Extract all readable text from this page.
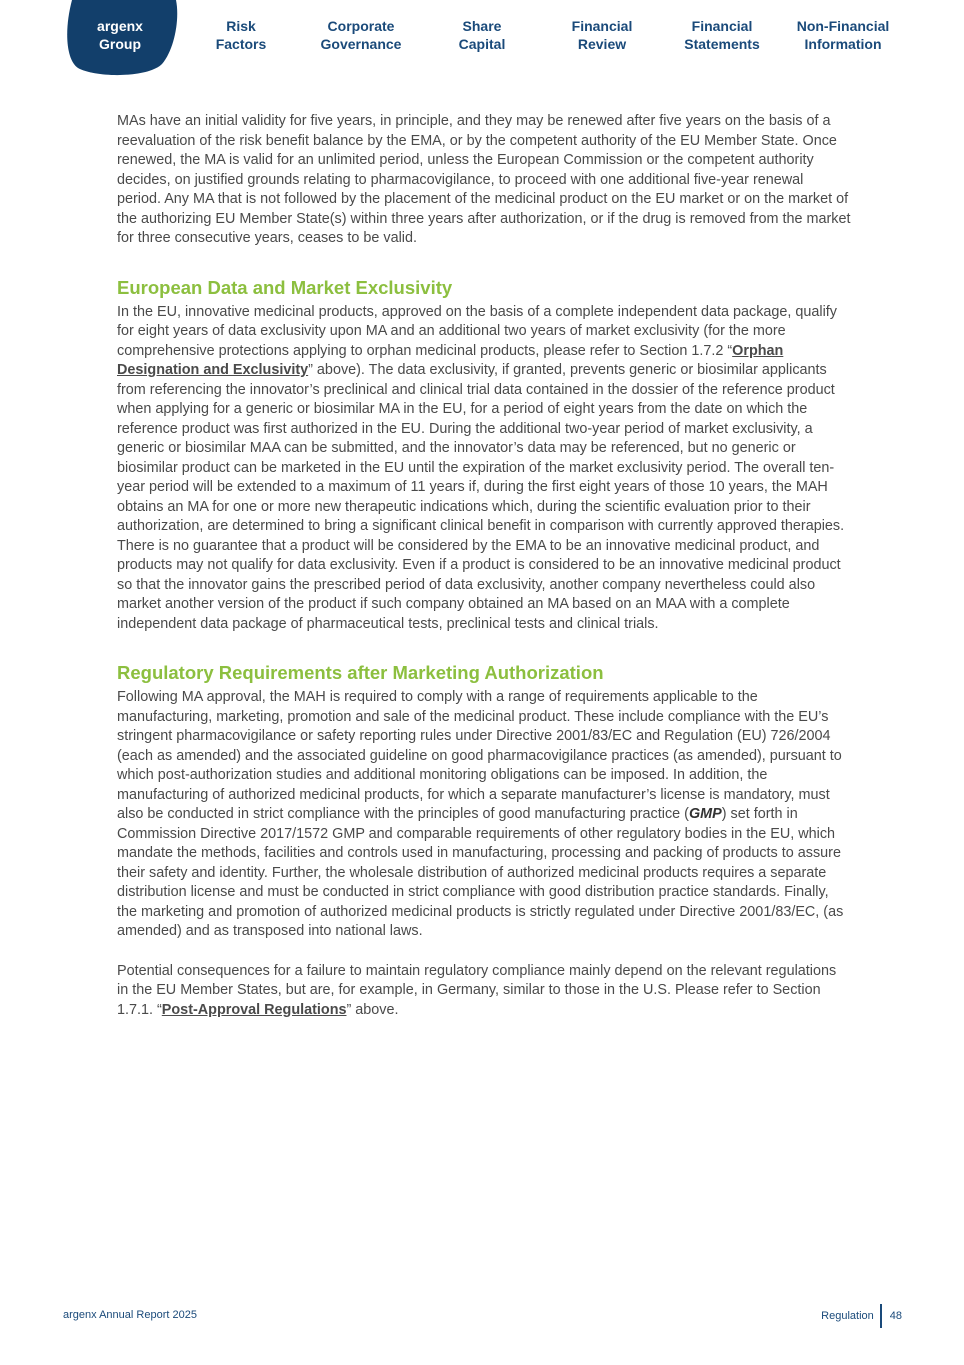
argenx
Group
Risk
Factors
Corporate
Governance
Share
Capital
Financial
Review
Financial
Statements
Non-Financial
Information

MAs have an initial validity for five years, in principle, and they may be renewed after five years on the basis of a reevaluation of the risk benefit balance by the EMA, or by the competent authority of the EU Member State. Once renewed, the MA is valid for an unlimited period, unless the European Commission or the competent authority decides, on justified grounds relating to pharmacovigilance, to proceed with one additional five-year renewal period. Any MA that is not followed by the placement of the medicinal product on the EU market or on the market of the authorizing EU Member State(s) within three years after authorization, or if the drug is removed from the market for three consecutive years, ceases to be valid.

European Data and Market Exclusivity

In the EU, innovative medicinal products, approved on the basis of a complete independent data package, qualify for eight years of data exclusivity upon MA and an additional two years of market exclusivity (for the more comprehensive protections applying to orphan medicinal products, please refer to Section 1.7.2 “Orphan Designation and Exclusivity” above). The data exclusivity, if granted, prevents generic or biosimilar applicants from referencing the innovator’s preclinical and clinical trial data contained in the dossier of the reference product when applying for a generic or biosimilar MA in the EU, for a period of eight years from the date on which the reference product was first authorized in the EU. During the additional two-year period of market exclusivity, a generic or biosimilar MAA can be submitted, and the innovator’s data may be referenced, but no generic or biosimilar product can be marketed in the EU until the expiration of the market exclusivity period. The overall ten-year period will be extended to a maximum of 11 years if, during the first eight years of those 10 years, the MAH obtains an MA for one or more new therapeutic indications which, during the scientific evaluation prior to their authorization, are determined to bring a significant clinical benefit in comparison with currently approved therapies. There is no guarantee that a product will be considered by the EMA to be an innovative medicinal product, and products may not qualify for data exclusivity. Even if a product is considered to be an innovative medicinal product so that the innovator gains the prescribed period of data exclusivity, another company nevertheless could also market another version of the product if such company obtained an MA based on an MAA with a complete independent data package of pharmaceutical tests, preclinical tests and clinical trials.

Regulatory Requirements after Marketing Authorization

Following MA approval, the MAH is required to comply with a range of requirements applicable to the manufacturing, marketing, promotion and sale of the medicinal product. These include compliance with the EU’s stringent pharmacovigilance or safety reporting rules under Directive 2001/83/EC and Regulation (EU) 726/2004 (each as amended) and the associated guideline on good pharmacovigilance practices (as amended), pursuant to which post-authorization studies and additional monitoring obligations can be imposed. In addition, the manufacturing of authorized medicinal products, for which a separate manufacturer’s license is mandatory, must also be conducted in strict compliance with the principles of good manufacturing practice (GMP) set forth in Commission Directive 2017/1572 GMP and comparable requirements of other regulatory bodies in the EU, which mandate the methods, facilities and controls used in manufacturing, processing and packing of products to assure their safety and identity. Further, the wholesale distribution of authorized medicinal products requires a separate distribution license and must be conducted in strict compliance with good distribution practice standards. Finally, the marketing and promotion of authorized medicinal products is strictly regulated under Directive 2001/83/EC, (as amended) and as transposed into national laws.

Potential consequences for a failure to maintain regulatory compliance mainly depend on the relevant regulations in the EU Member States, but are, for example, in Germany, similar to those in the U.S. Please refer to Section 1.7.1. “Post-Approval Regulations” above.

argenx Annual Report 2025	Regulation 48
